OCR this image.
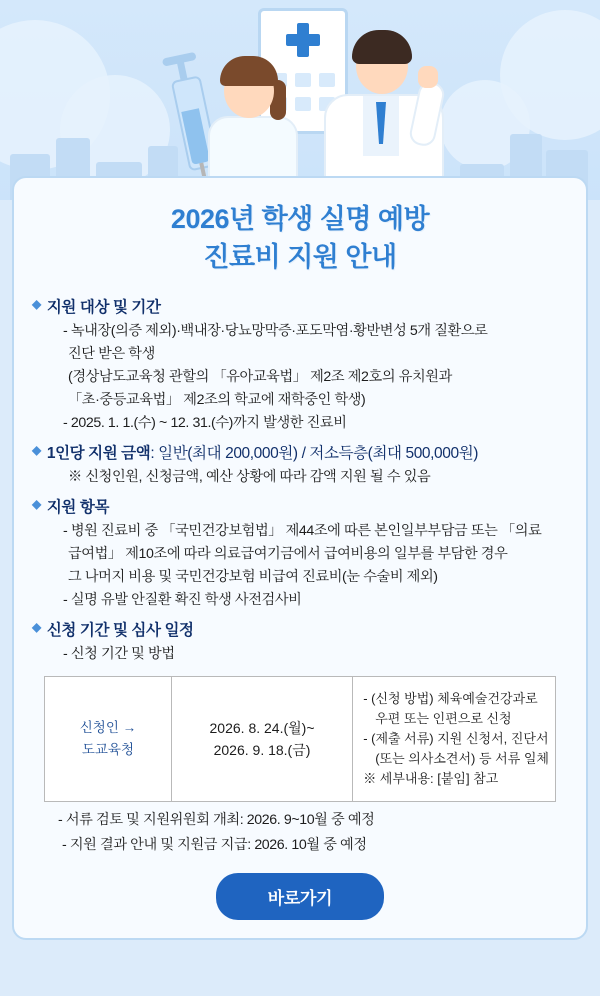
2026년 학생 실명 예방
진료비 지원 안내
◆ 지원 대상 및 기간
- 녹내장(의증 제외)·백내장·당뇨망막증·포도막염·황반변성 5개 질환으로
진단 받은 학생
(경상남도교육청 관할의 「유아교육법」 제2조 제2호의 유치원과
「초·중등교육법」 제2조의 학교에 재학중인 학생)
- 2025. 1. 1.(수) ~ 12. 31.(수)까지 발생한 진료비
◆ 1인당 지원 금액 : 일반(최대 200,000원) / 저소득층(최대 500,000원)
※ 신청인원, 신청금액, 예산 상황에 따라 감액 지원 될 수 있음
◆ 지원 항목
- 병원 진료비 중 「국민건강보험법」 제44조에 따른 본인일부부담금 또는 「의료
급여법」 제10조에 따라 의료급여기금에서 급여비용의 일부를 부담한 경우
그 나머지 비용 및 국민건강보험 비급여 진료비(눈 수술비 제외)
- 실명 유발 안질환 확진 학생 사전검사비
◆ 신청 기간 및 심사 일정
- 신청 기간 및 방법
신청인 →
도교육청
2026. 8. 24.(월)~
2026. 9. 18.(금)
- (신청 방법) 체육예술건강과로
우편 또는 인편으로 신청
- (제출 서류) 지원 신청서, 진단서
(또는 의사소견서) 등 서류 일체
※ 세부내용: [붙임] 참고
- 서류 검토 및 지원위원회 개최: 2026. 9~10월 중 예정
- 지원 결과 안내 및 지원금 지급: 2026. 10월 중 예정
바로가기
